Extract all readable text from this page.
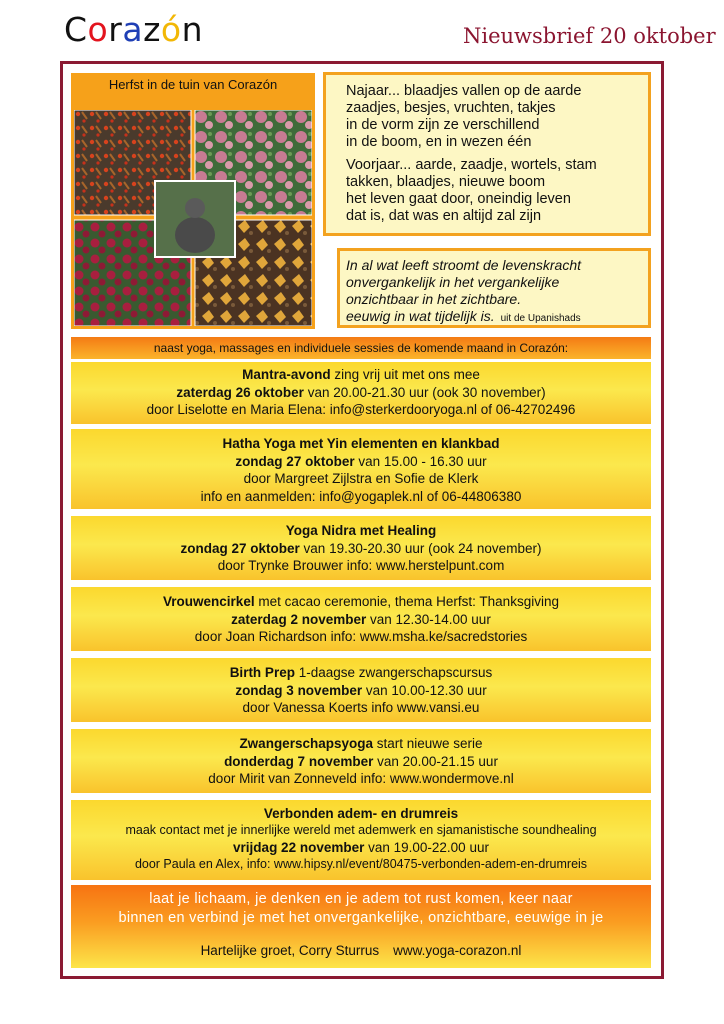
Corazón	Nieuwsbrief 20 oktober
Herfst in de tuin van Corazón	Najaar... blaadjes vallen op de aarde

zaadjes, besjes, vruchten, takjes

in de vorm zijn ze verschillend

in de boom, en in wezen één

Voorjaar... aarde, zaadje, wortels, stam

takken, blaadjes, nieuwe boom

het leven gaat door, oneindig leven

dat is, dat was en altijd zal zijn

In al wat leeft stroomt de levenskracht
onvergankelijk in het vergankelijke
onzichtbaar in het zichtbare.
eeuwig in wat tijdelijk is. uit de Upanishads
naast yoga, massages en individuele sessies de komende maand in Corazón:
Mantra-avond zing vrij uit met ons mee
zaterdag 26 oktober van 20.00-21.30 uur (ook 30 november)
door Liselotte en Maria Elena: info@sterkerdooryoga.nl of 06-42702496
Hatha Yoga met Yin elementen en klankbad
zondag 27 oktober van 15.00 - 16.30 uur
door Margreet Zijlstra en Sofie de Klerk
info en aanmelden: info@yogaplek.nl of 06-44806380
Yoga Nidra met Healing
zondag 27 oktober van 19.30-20.30 uur (ook 24 november)
door Trynke Brouwer info: www.herstelpunt.com
Vrouwencirkel met cacao ceremonie, thema Herfst: Thanksgiving
zaterdag 2 november van 12.30-14.00 uur
door Joan Richardson info: www.msha.ke/sacredstories
Birth Prep 1-daagse zwangerschapscursus
zondag 3 november van 10.00-12.30 uur
door Vanessa Koerts info www.vansi.eu
Zwangerschapsyoga start nieuwe serie
donderdag 7 november van 20.00-21.15 uur
door Mirit van Zonneveld info: www.wondermove.nl
Verbonden adem- en drumreis
maak contact met je innerlijke wereld met ademwerk en sjamanistische soundhealing
vrijdag 22 november van 19.00-22.00 uur
door Paula en Alex, info: www.hipsy.nl/event/80475-verbonden-adem-en-drumreis
laat je lichaam, je denken en je adem tot rust komen, keer naar
binnen en verbind je met het onvergankelijke, onzichtbare, eeuwige in je
Hartelijke groet, Corry Sturrus www.yoga-corazon.nl
